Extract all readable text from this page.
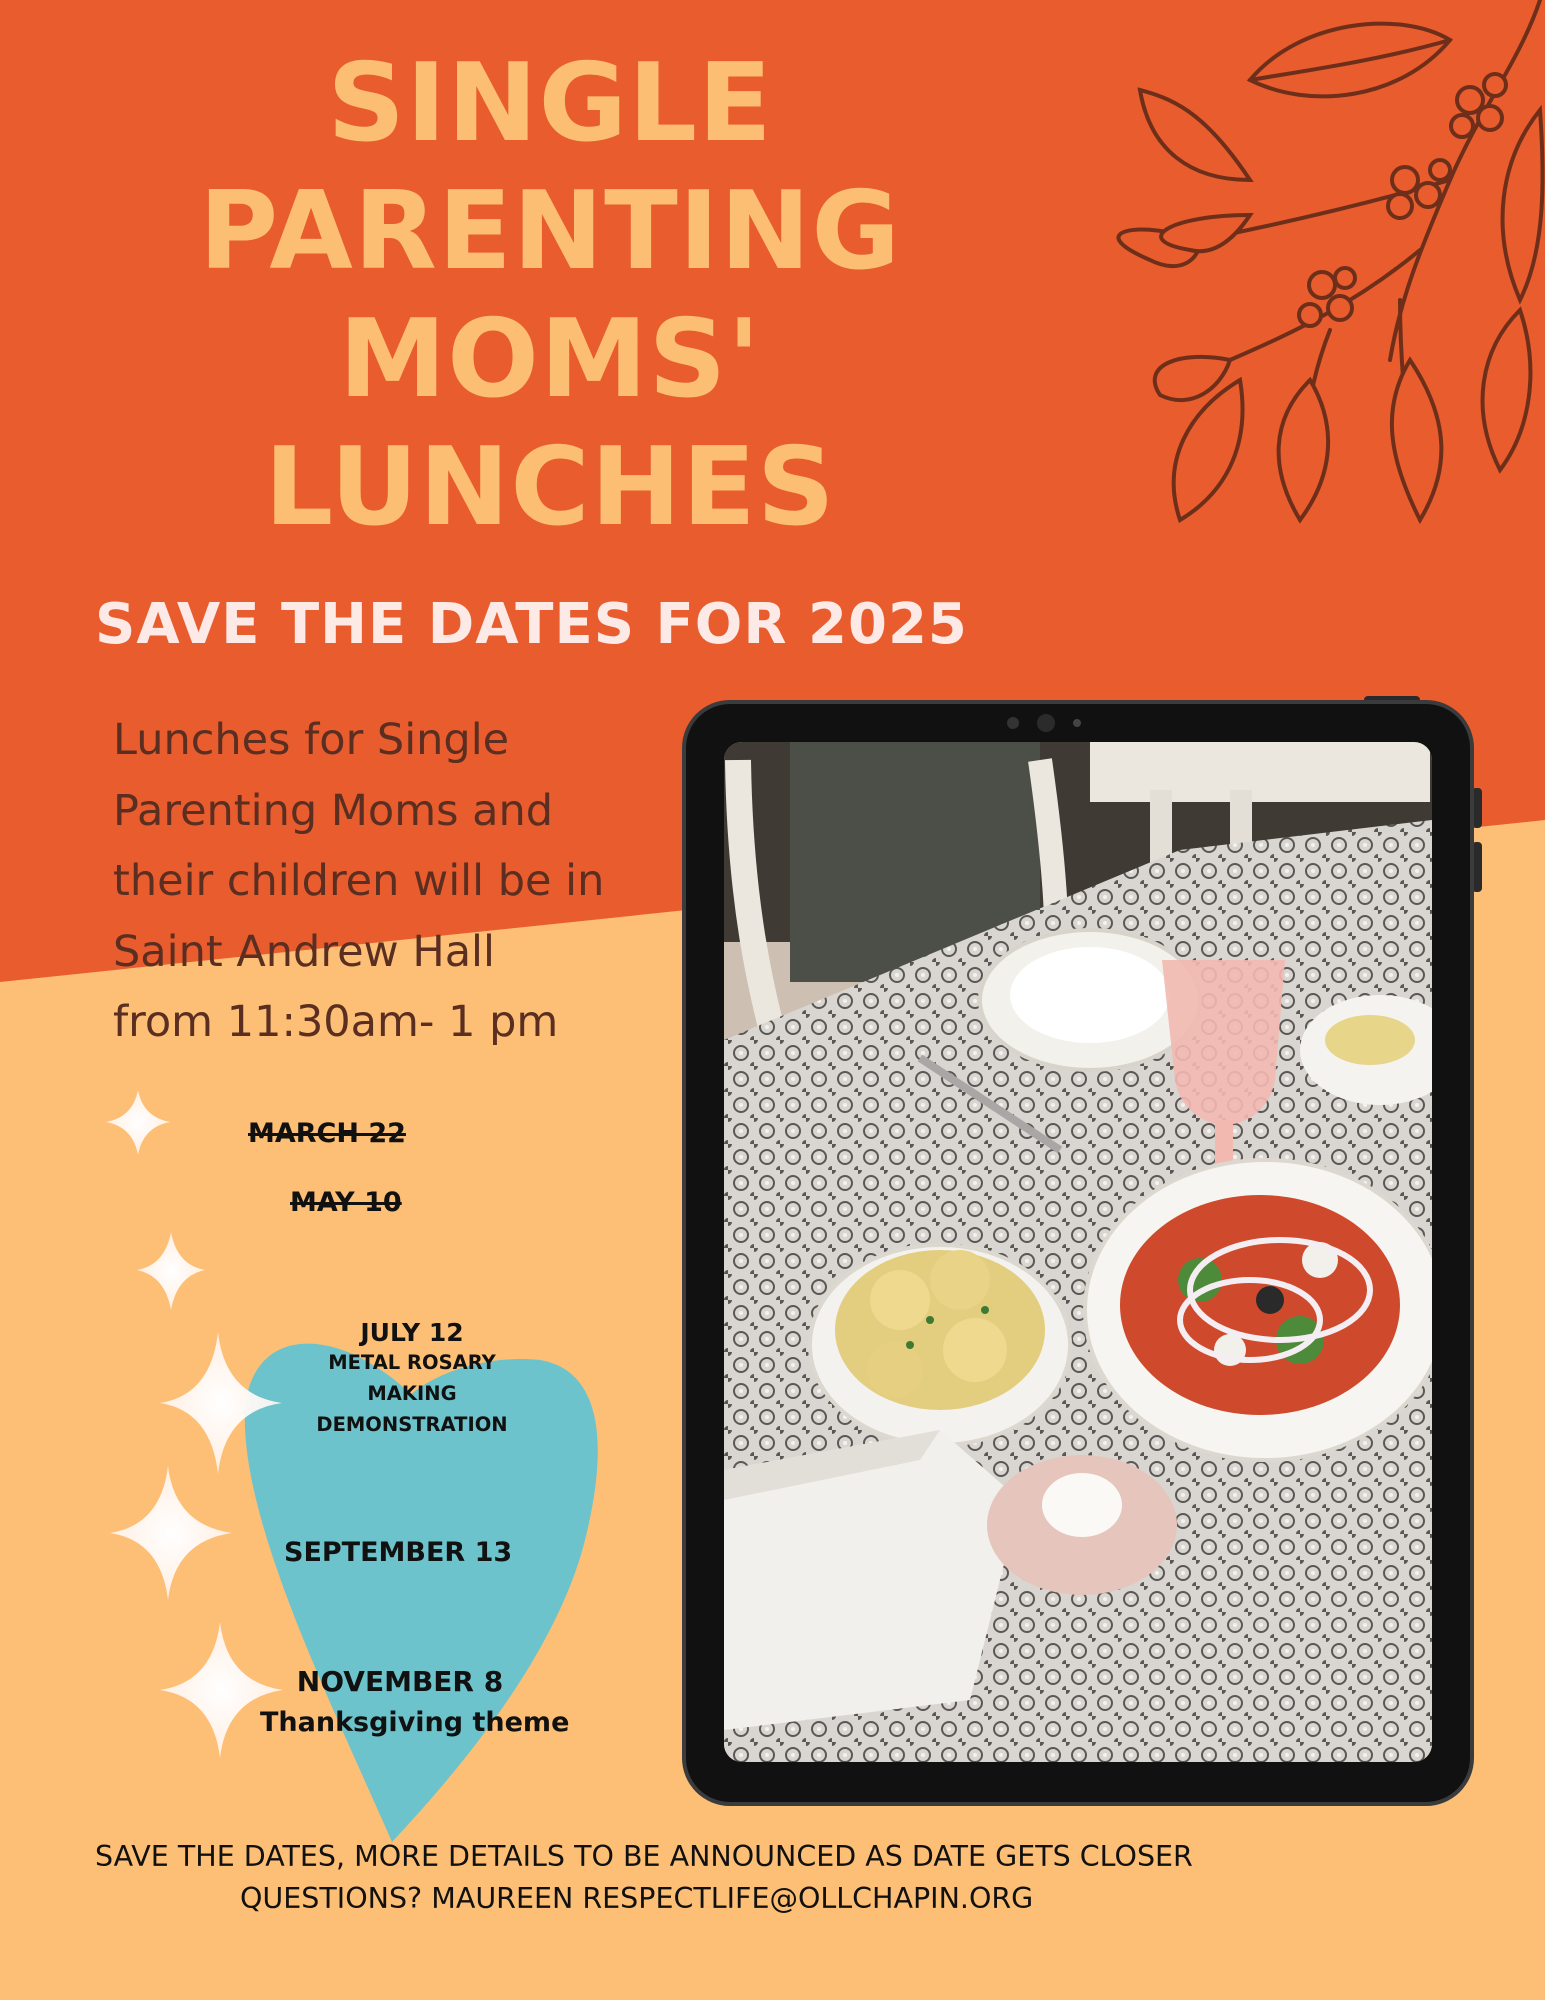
SINGLE
PARENTING
MOMS'
LUNCHES
SAVE THE DATES FOR 2025
Lunches for Single
Parenting Moms and
their children will be in
Saint Andrew Hall
from 11:30am- 1 pm
MARCH 22
MAY 10
JULY 12
METAL ROSARY
MAKING
DEMONSTRATION
SEPTEMBER 13
NOVEMBER 8
Thanksgiving theme
SAVE THE DATES, MORE DETAILS TO BE ANNOUNCED AS DATE GETS CLOSER
QUESTIONS? MAUREEN RESPECTLIFE@OLLCHAPIN.ORG
